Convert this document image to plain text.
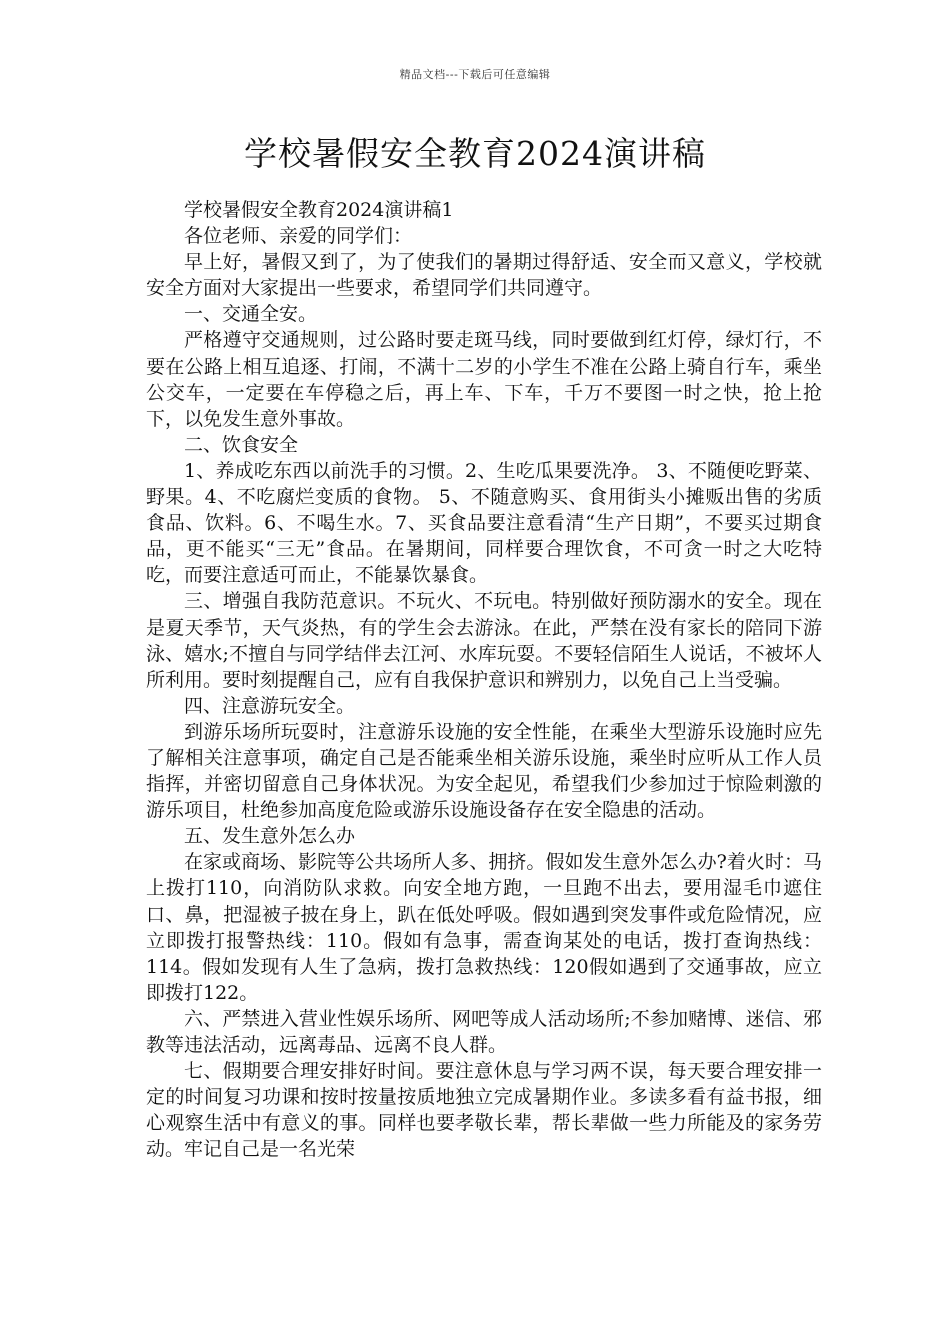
精品文档---下载后可任意编辑
学校暑假安全教育2024演讲稿

学校暑假安全教育2024演讲稿1

各位老师、亲爱的同学们：

早上好，暑假又到了，为了使我们的暑期过得舒适、安全而又意义，学校就安全方面对大家提出一些要求，希望同学们共同遵守。

一、交通全安。

严格遵守交通规则，过公路时要走斑马线，同时要做到红灯停，绿灯行，不要在公路上相互追逐、打闹，不满十二岁的小学生不准在公路上骑自行车，乘坐公交车，一定要在车停稳之后，再上车、下车，千万不要图一时之快，抢上抢下，以免发生意外事故。

二、饮食安全

1、养成吃东西以前洗手的习惯。2、生吃瓜果要洗净。 3、不随便吃野菜、野果。4、不吃腐烂变质的食物。 5、不随意购买、食用街头小摊贩出售的劣质食品、饮料。6、不喝生水。7、买食品要注意看清“生产日期”，不要买过期食品，更不能买“三无”食品。在暑期间，同样要合理饮食，不可贪一时之大吃特吃，而要注意适可而止，不能暴饮暴食。

三、增强自我防范意识。不玩火、不玩电。特别做好预防溺水的安全。现在是夏天季节，天气炎热，有的学生会去游泳。在此，严禁在没有家长的陪同下游泳、嬉水;不擅自与同学结伴去江河、水库玩耍。不要轻信陌生人说话，不被坏人所利用。要时刻提醒自己，应有自我保护意识和辨别力，以免自己上当受骗。

四、注意游玩安全。

到游乐场所玩耍时，注意游乐设施的安全性能，在乘坐大型游乐设施时应先了解相关注意事项，确定自己是否能乘坐相关游乐设施，乘坐时应听从工作人员指挥，并密切留意自己身体状况。为安全起见，希望我们少参加过于惊险刺激的游乐项目，杜绝参加高度危险或游乐设施设备存在安全隐患的活动。

五、发生意外怎么办

在家或商场、影院等公共场所人多、拥挤。假如发生意外怎么办?着火时：马上拨打110，向消防队求救。向安全地方跑，一旦跑不出去，要用湿毛巾遮住口、鼻，把湿被子披在身上，趴在低处呼吸。假如遇到突发事件或危险情况，应立即拨打报警热线：110。假如有急事，需查询某处的电话，拨打查询热线：114。假如发现有人生了急病，拨打急救热线：120假如遇到了交通事故，应立即拨打122。

六、严禁进入营业性娱乐场所、网吧等成人活动场所;不参加赌博、迷信、邪教等违法活动，远离毒品、远离不良人群。

七、假期要合理安排好时间。要注意休息与学习两不误，每天要合理安排一定的时间复习功课和按时按量按质地独立完成暑期作业。多读多看有益书报，细心观察生活中有意义的事。同样也要孝敬长辈，帮长辈做一些力所能及的家务劳动。牢记自己是一名光荣
